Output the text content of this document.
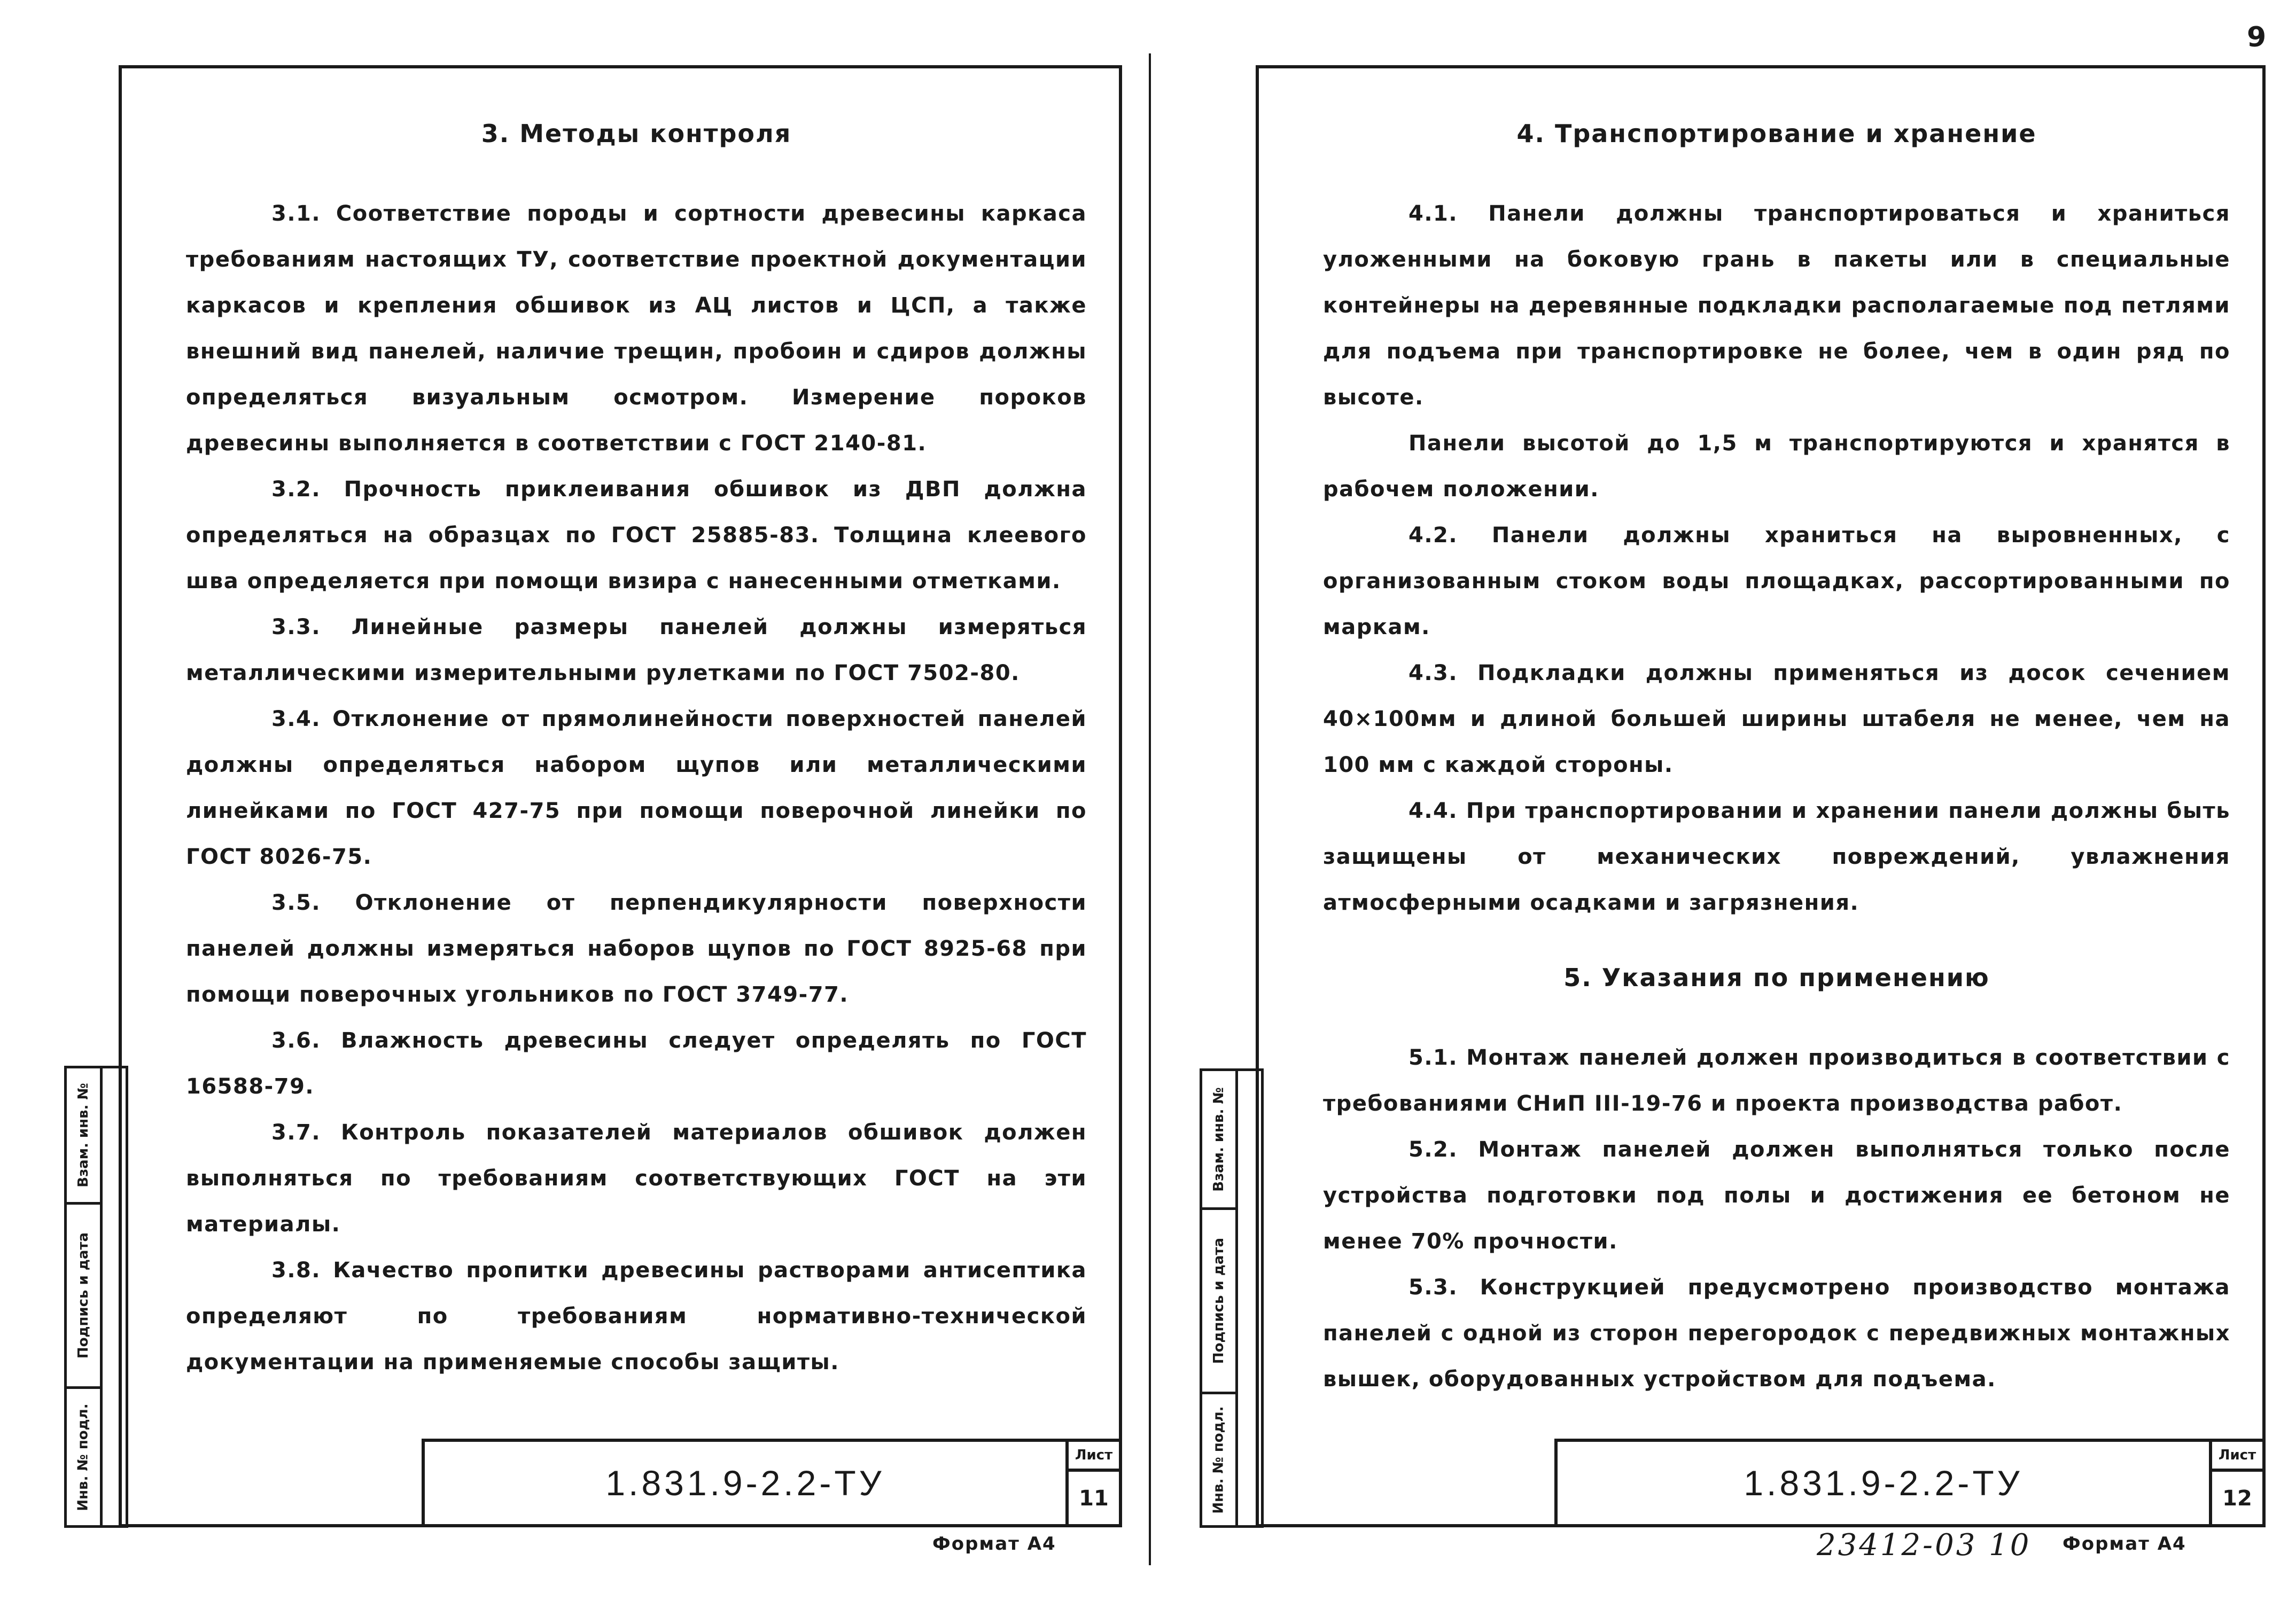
9
3. Методы контроля

3.1. Соответствие породы и сортности древесины каркаса требованиям настоящих ТУ, соответствие проектной документации каркасов и крепления обшивок из АЦ листов и ЦСП, а также внешний вид панелей, наличие трещин, пробоин и сдиров должны определяться визуальным осмотром. Измерение пороков древесины выполняется в соответствии с ГОСТ 2140-81.

3.2. Прочность приклеивания обшивок из ДВП должна определяться на образцах по ГОСТ 25885-83. Толщина клеевого шва определяется при помощи визира с нанесенными отметками.

3.3. Линейные размеры панелей должны измеряться металлическими измерительными рулетками по ГОСТ 7502-80.

3.4. Отклонение от прямолинейности поверхностей панелей должны определяться набором щупов или металлическими линейками по ГОСТ 427-75 при помощи поверочной линейки по ГОСТ 8026-75.

3.5. Отклонение от перпендикулярности поверхности панелей должны измеряться наборов щупов по ГОСТ 8925-68 при помощи поверочных угольников по ГОСТ 3749-77.

3.6. Влажность древесины следует определять по ГОСТ 16588-79.

3.7. Контроль показателей материалов обшивок должен выполняться по требованиям соответствующих ГОСТ на эти материалы.

3.8. Качество пропитки древесины растворами антисептика определяют по требованиям нормативно-технической документации на применяемые способы защиты.

1.831.9-2.2-ТУ
Лист
11
Формат А4
Взам. инв. №
Подпись и дата
Инв. № подл.
4. Транспортирование и хранение

4.1. Панели должны транспортироваться и храниться уложенными на боковую грань в пакеты или в специальные контейнеры на деревянные подкладки располагаемые под петлями для подъема при транспортировке не более, чем в один ряд по высоте.

Панели высотой до 1,5 м транспортируются и хранятся в рабочем положении.

4.2. Панели должны храниться на выровненных, с организованным стоком воды площадках, рассортированными по маркам.

4.3. Подкладки должны применяться из досок сечением 40×100мм и длиной большей ширины штабеля не менее, чем на 100 мм с каждой стороны.

4.4. При транспортировании и хранении панели должны быть защищены от механических повреждений, увлажнения атмосферными осадками и загрязнения.

5. Указания по применению

5.1. Монтаж панелей должен производиться в соответствии с требованиями СНиП III-19-76 и проекта производства работ.

5.2. Монтаж панелей должен выполняться только после устройства подготовки под полы и достижения ее бетоном не менее 70% прочности.

5.3. Конструкцией предусмотрено производство монтажа панелей с одной из сторон перегородок с передвижных монтажных вышек, оборудованных устройством для подъема.

1.831.9-2.2-ТУ
Лист
12
23412-03 10 Формат А4
Взам. инв. №
Подпись и дата
Инв. № подл.
